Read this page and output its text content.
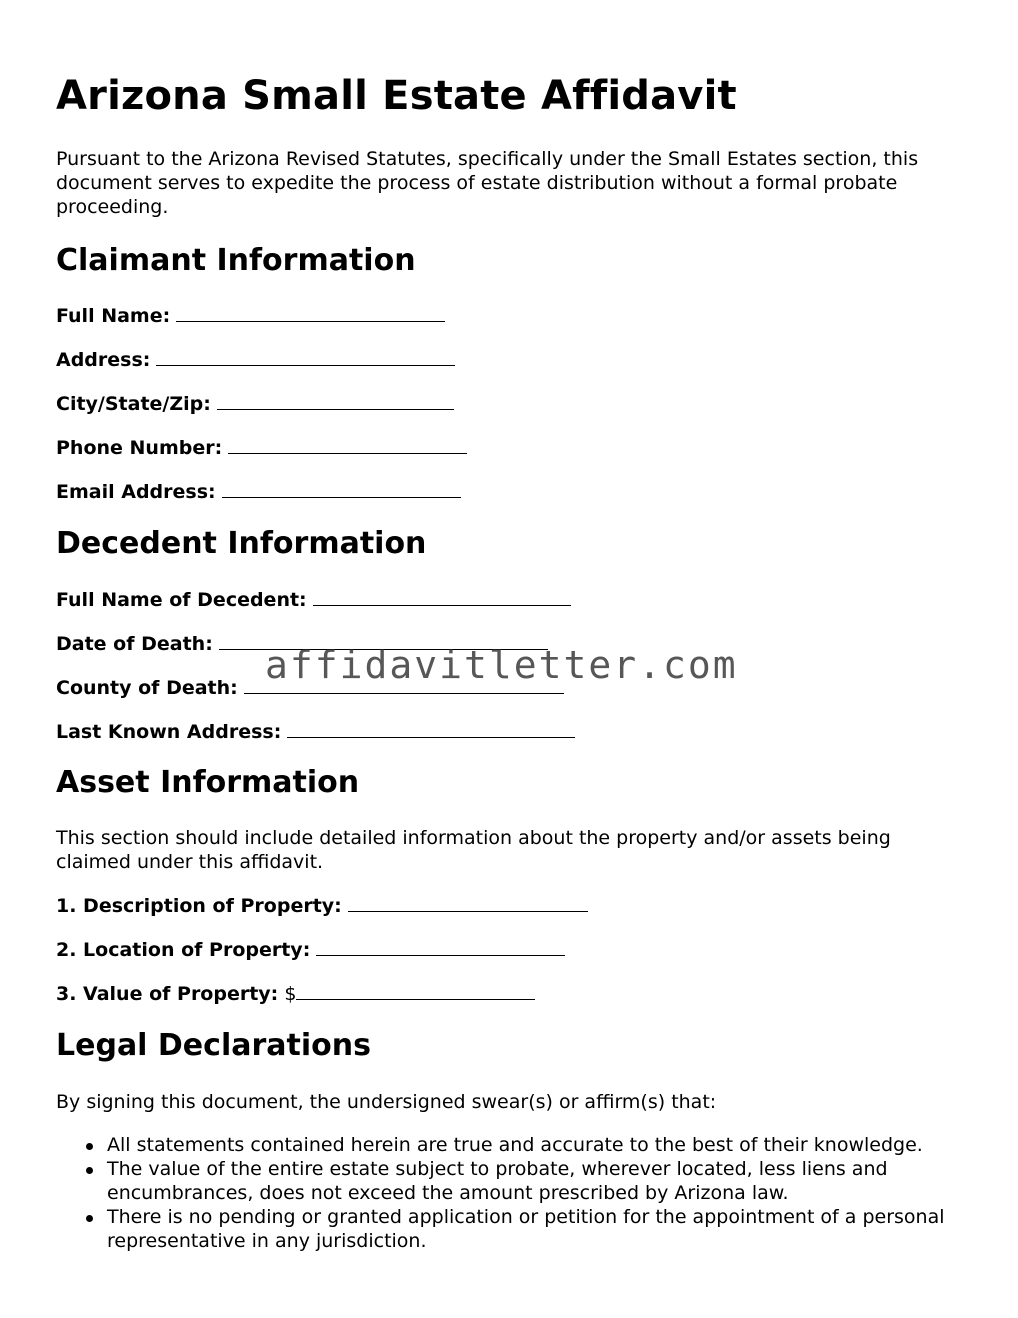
Arizona Small Estate Affidavit

Pursuant to the Arizona Revised Statutes, specifically under the Small Estates section, this document serves to expedite the process of estate distribution without a formal probate proceeding.

Claimant Information
Full Name:
Address:
City/State/Zip:
Phone Number:
Email Address:
Decedent Information
Full Name of Decedent:
Date of Death:
County of Death:
Last Known Address:
Asset Information

This section should include detailed information about the property and/or assets being claimed under this affidavit.

1. Description of Property:
2. Location of Property:
3. Value of Property: $
Legal Declarations

By signing this document, the undersigned swear(s) or affirm(s) that:

All statements contained herein are true and accurate to the best of their knowledge.
The value of the entire estate subject to probate, wherever located, less liens and encumbrances, does not exceed the amount prescribed by Arizona law.
There is no pending or granted application or petition for the appointment of a personal representative in any jurisdiction.
affidavitletter.com
